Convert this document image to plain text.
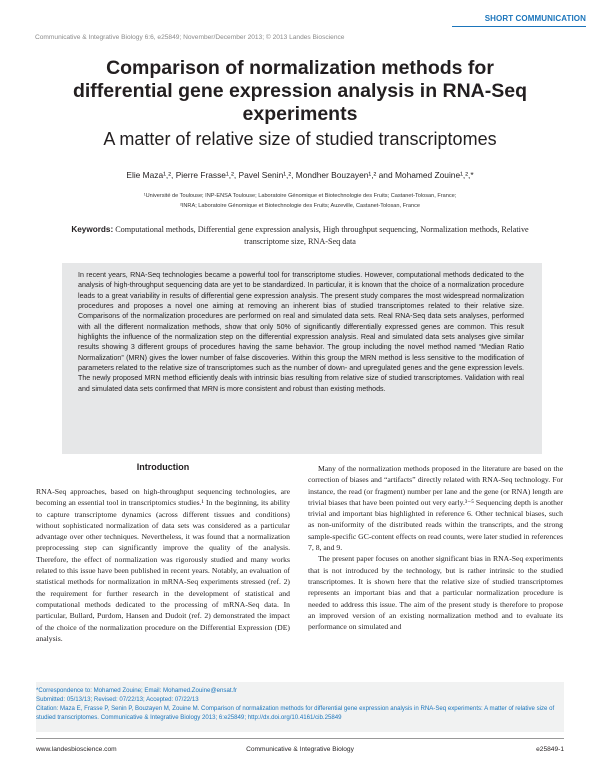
SHORT COMMUNICATION
Communicative & Integrative Biology 6:6, e25849; November/December 2013; © 2013 Landes Bioscience
Comparison of normalization methods for
differential gene expression analysis in RNA-Seq
experiments
A matter of relative size of studied transcriptomes
Elie Maza¹,², Pierre Frasse¹,², Pavel Senin¹,², Mondher Bouzayen¹,² and Mohamed Zouine¹,²,*
¹Université de Toulouse; INP-ENSA Toulouse; Laboratoire Génomique et Biotechnologie des Fruits; Castanet-Tolosan, France;
²INRA; Laboratoire Génomique et Biotechnologie des Fruits; Auzeville, Castanet-Tolosan, France
Keywords: Computational methods, Differential gene expression analysis, High throughput sequencing, Normalization methods, Relative transcriptome size, RNA-Seq data
In recent years, RNA-Seq technologies became a powerful tool for transcriptome studies. However, computational methods dedicated to the analysis of high-throughput sequencing data are yet to be standardized. In particular, it is known that the choice of a normalization procedure leads to a great variability in results of differential gene expression analysis. The present study compares the most widespread normalization procedures and proposes a novel one aiming at removing an inherent bias of studied transcriptomes related to their relative size. Comparisons of the normalization procedures are performed on real and simulated data sets. Real RNA-Seq data sets analyses, performed with all the different normalization methods, show that only 50% of significantly differentially expressed genes are common. This result highlights the influence of the normalization step on the differential expression analysis. Real and simulated data sets analyses give similar results showing 3 different groups of procedures having the same behavior. The group including the novel method named “Median Ratio Normalization” (MRN) gives the lower number of false discoveries. Within this group the MRN method is less sensitive to the modification of parameters related to the relative size of transcriptomes such as the number of down- and upregulated genes and the gene expression levels. The newly proposed MRN method efficiently deals with intrinsic bias resulting from relative size of studied transcriptomes. Validation with real and simulated data sets confirmed that MRN is more consistent and robust than existing methods.
Introduction

RNA-Seq approaches, based on high-throughput sequencing technologies, are becoming an essential tool in transcriptomics studies.¹ In the beginning, its ability to capture transcriptome dynamics (across different tissues and conditions) without sophisticated normalization of data sets was considered as a particular advantage over other techniques. Nevertheless, it was found that a normalization preprocessing step can significantly improve the quality of the analysis. Therefore, the effect of normalization was rigorously studied and many works related to this issue have been published in recent years. Notably, an evaluation of statistical methods for normalization in mRNA-Seq experiments stressed (ref. 2) the requirement for further research in the development of statistical and computational methods dedicated to the processing of mRNA-Seq data. In particular, Bullard, Purdom, Hansen and Dudoit (ref. 2) demonstrated the impact of the choice of the normalization procedure on the Differential Expression (DE) analysis.

Many of the normalization methods proposed in the literature are based on the correction of biases and “artifacts” directly related with RNA-Seq technology. For instance, the read (or fragment) number per lane and the gene (or RNA) length are trivial biases that have been pointed out very early.³⁻⁵ Sequencing depth is another trivial and important bias highlighted in reference 6. Other technical biases, such as non-uniformity of the distributed reads within the transcripts, and the strong sample-specific GC-content effects on read counts, were later studied in references 7, 8, and 9.

The present paper focuses on another significant bias in RNA-Seq experiments that is not introduced by the technology, but is rather intrinsic to the studied transcriptomes. It is shown here that the relative size of studied transcriptomes represents an important bias and that a particular normalization procedure is needed to address this issue. The aim of the present study is therefore to propose an improved version of an existing normalization method and to evaluate its performance on simulated and

*Correspondence to: Mohamed Zouine; Email: Mohamed.Zouine@ensat.fr
Submitted: 05/13/13; Revised: 07/22/13; Accepted: 07/22/13
Citation: Maza E, Frasse P, Senin P, Bouzayen M, Zouine M. Comparison of normalization methods for differential gene expression analysis in RNA-Seq experiments: A matter of relative size of studied transcriptomes. Communicative & Integrative Biology 2013; 6:e25849; http://dx.doi.org/10.4161/cib.25849
www.landesbioscience.com	Communicative & Integrative Biology	e25849-1
